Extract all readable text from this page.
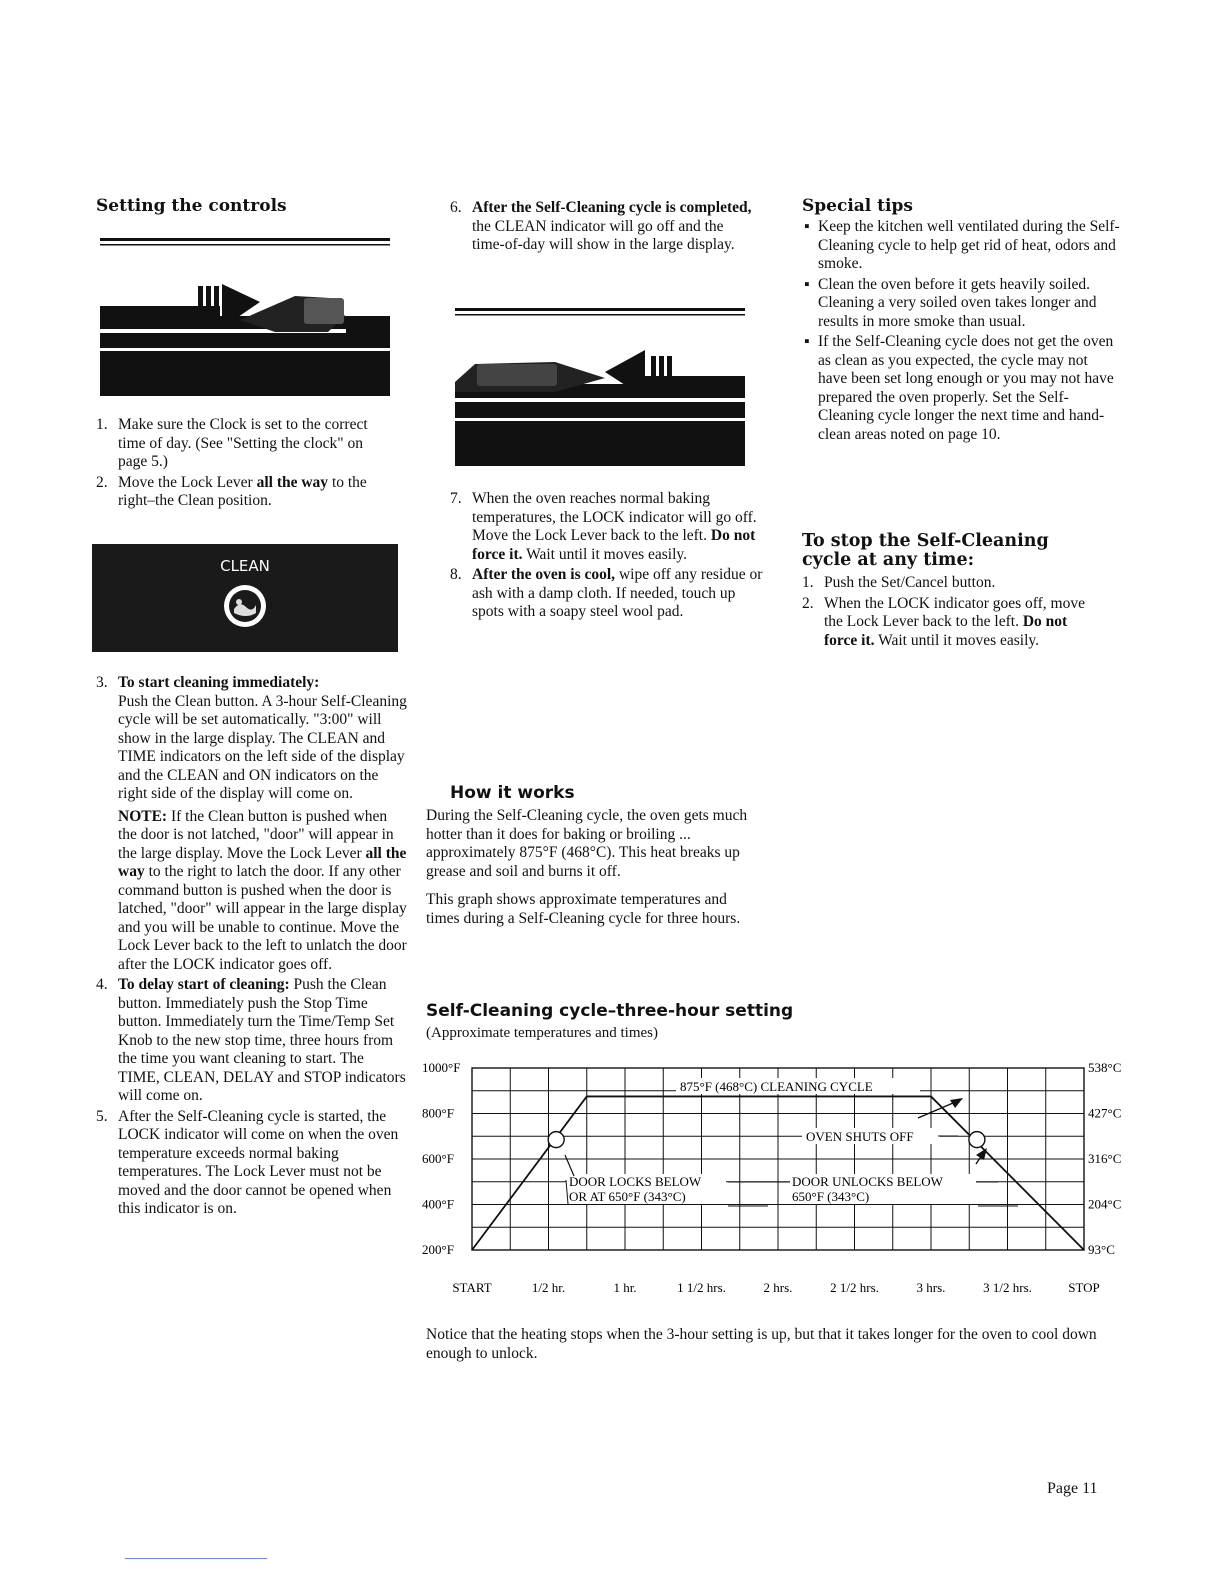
Setting the controls
1. Make sure the Clock is set to the correct time of day. (See "Setting the clock" on page 5.)

2. Move the Lock Lever all the way to the right–the Clean position.

CLEAN
3. To start cleaning immediately:
Push the Clean button. A 3-hour Self-Cleaning cycle will be set automatically. "3:00" will show in the large display. The CLEAN and TIME indicators on the left side of the display and the CLEAN and ON indicators on the right side of the display will come on.

NOTE: If the Clean button is pushed when the door is not latched, "door" will appear in the large display. Move the Lock Lever all the way to the right to latch the door. If any other command button is pushed when the door is latched, "door" will appear in the large display and you will be unable to continue. Move the Lock Lever back to the left to unlatch the door after the LOCK indicator goes off.

4. To delay start of cleaning: Push the Clean button. Immediately push the Stop Time button. Immediately turn the Time/Temp Set Knob to the new stop time, three hours from the time you want cleaning to start. The TIME, CLEAN, DELAY and STOP indicators will come on.

5. After the Self-Cleaning cycle is started, the LOCK indicator will come on when the oven temperature exceeds normal baking temperatures. The Lock Lever must not be moved and the door cannot be opened when this indicator is on.

6. After the Self-Cleaning cycle is completed, the CLEAN indicator will go off and the time-of-day will show in the large display.

7. When the oven reaches normal baking temperatures, the LOCK indicator will go off. Move the Lock Lever back to the left. Do not force it. Wait until it moves easily.

8. After the oven is cool, wipe off any residue or ash with a damp cloth. If needed, touch up spots with a soapy steel wool pad.

How it works

During the Self-Cleaning cycle, the oven gets much hotter than it does for baking or broiling ... approximately 875°F (468°C). This heat breaks up grease and soil and burns it off.

This graph shows approximate temperatures and times during a Self-Cleaning cycle for three hours.

Special tips
▪ Keep the kitchen well ventilated during the Self-Cleaning cycle to help get rid of heat, odors and smoke.
▪ Clean the oven before it gets heavily soiled. Cleaning a very soiled oven takes longer and results in more smoke than usual.
▪ If the Self-Cleaning cycle does not get the oven as clean as you expected, the cycle may not have been set long enough or you may not have prepared the oven properly. Set the Self-Cleaning cycle longer the next time and hand-clean areas noted on page 10.
To stop the Self-Cleaning cycle at any time:
1. Push the Set/Cancel button.

2. When the LOCK indicator goes off, move the Lock Lever back to the left. Do not force it. Wait until it moves easily.

Self-Cleaning cycle–three-hour setting
(Approximate temperatures and times)
1000°F
800°F
600°F
400°F
200°F
538°C
427°C
316°C
204°C
93°C
START	1/2 hr.	1 hr.	1 1/2 hrs.	2 hrs.	2 1/2 hrs.	3 hrs.	3 1/2 hrs.	STOP
875°F (468°C) CLEANING CYCLE
OVEN SHUTS OFF
DOOR LOCKS BELOW
OR AT 650°F (343°C)
DOOR UNLOCKS BELOW
650°F (343°C)
Notice that the heating stops when the 3-hour setting is up, but that it takes longer for the oven to cool down enough to unlock.
Page 11
